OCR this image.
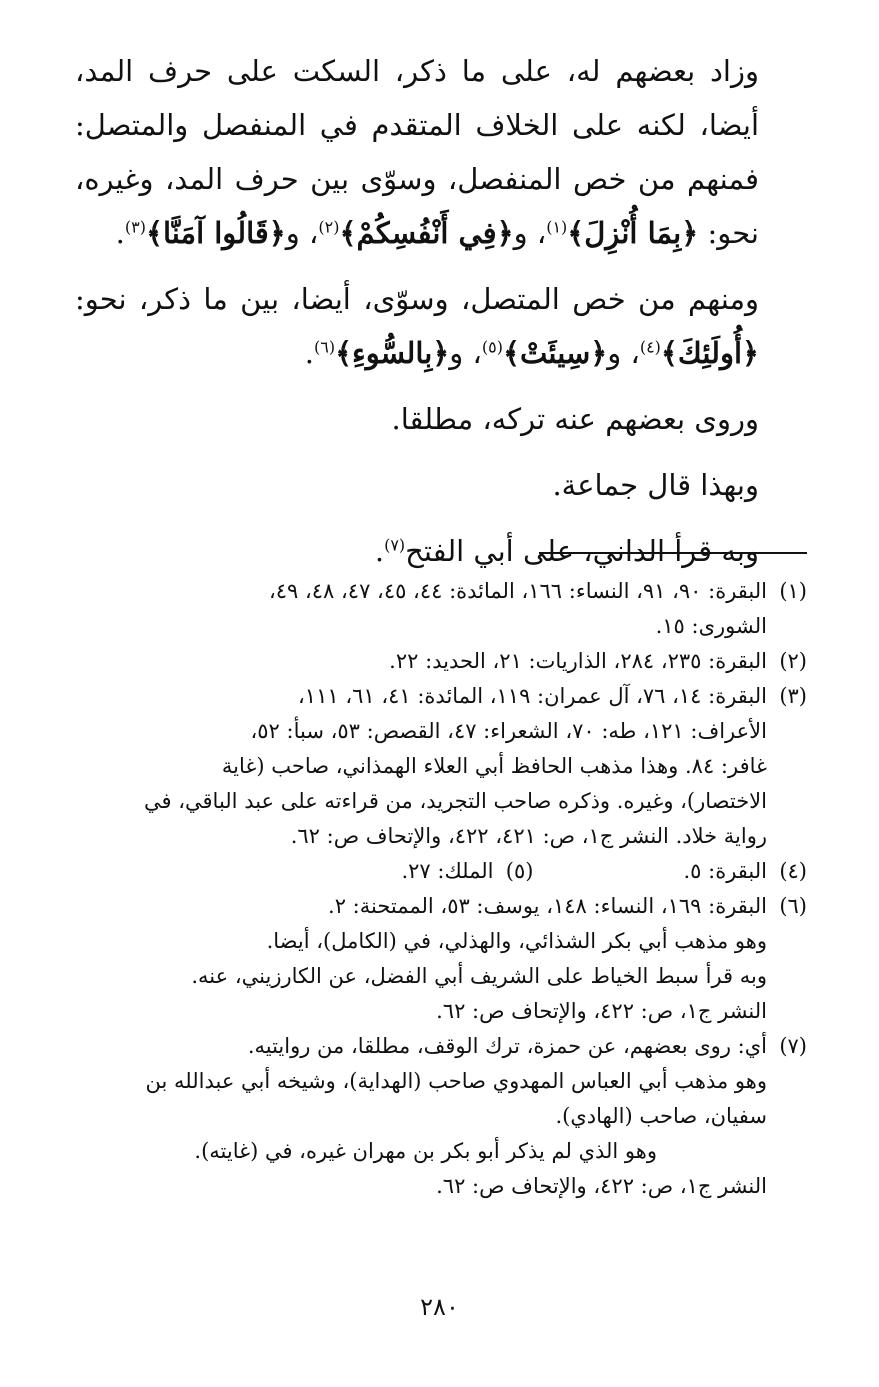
وزاد بعضهم له، على ما ذكر، السكت على حرف المد، أيضا، لكنه على الخلاف المتقدم في المنفصل والمتصل: فمنهم من خص المنفصل، وسوّى بين حرف المد، وغيره، نحو: ﴿بِمَا أُنْزِلَ﴾$^{(١)}$، و﴿فِي أَنْفُسِكُمْ﴾$^{(٢)}$، و﴿قَالُوا آمَنَّا﴾$^{(٣)}$.

ومنهم من خص المتصل، وسوّى، أيضا، بين ما ذكر، نحو: ﴿أُولَئِكَ﴾$^{(٤)}$، و﴿سِيئَتْ﴾$^{(٥)}$، و﴿بِالسُّوءِ﴾$^{(٦)}$.

وروى بعضهم عنه تركه، مطلقا.

وبهذا قال جماعة.

وبه قرأ الداني، على أبي الفتح$^{(٧)}$.

(١)
البقرة: ٩٠، ٩١، النساء: ١٦٦، المائدة: ٤٤، ٤٥، ٤٧، ٤٨، ٤٩،
الشورى: ١٥.
(٢)
البقرة: ٢٣٥، ٢٨٤، الذاريات: ٢١، الحديد: ٢٢.
(٣)
البقرة: ١٤، ٧٦، آل عمران: ١١٩، المائدة: ٤١، ٦١، ١١١،
الأعراف: ١٢١، طه: ٧٠، الشعراء: ٤٧، القصص: ٥٣، سبأ: ٥٢،
غافر: ٨٤. وهذا مذهب الحافظ أبي العلاء الهمذاني، صاحب (غاية
الاختصار)، وغيره. وذكره صاحب التجريد، من قراءته على عبد الباقي، في
رواية خلاد. النشر ج١، ص: ٤٢١، ٤٢٢، والإتحاف ص: ٦٢.
(٤)
البقرة: ٥.
(٥)
الملك: ٢٧.
(٦)
البقرة: ١٦٩، النساء: ١٤٨، يوسف: ٥٣، الممتحنة: ٢.
وهو مذهب أبي بكر الشذائي، والهذلي، في (الكامل)، أيضا.
وبه قرأ سبط الخياط على الشريف أبي الفضل، عن الكارزيني، عنه.
النشر ج١، ص: ٤٢٢، والإتحاف ص: ٦٢.
(٧)
أي: روى بعضهم، عن حمزة، ترك الوقف، مطلقا، من روايتيه.
وهو مذهب أبي العباس المهدوي صاحب (الهداية)، وشيخه أبي عبدالله بن
سفيان، صاحب (الهادي).
وهو الذي لم يذكر أبو بكر بن مهران غيره، في (غايته).
النشر ج١، ص: ٤٢٢، والإتحاف ص: ٦٢.
٢٨٠
